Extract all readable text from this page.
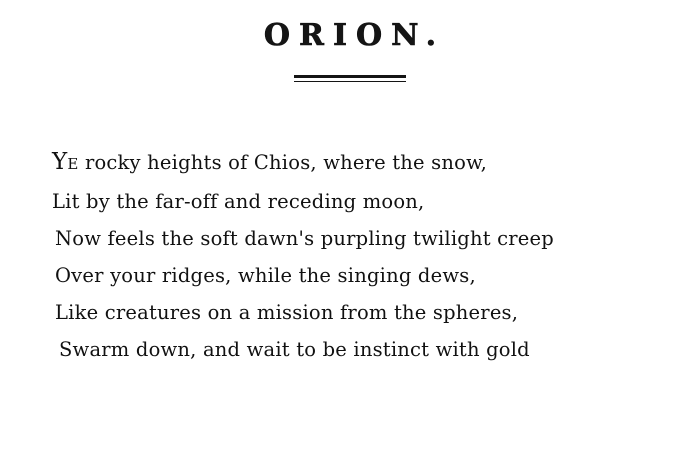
ORION.
YE rocky heights of Chios, where the snow,
Lit by the far-off and receding moon,
Now feels the soft dawn's purpling twilight creep
Over your ridges, while the singing dews,
Like creatures on a mission from the spheres,
Swarm down, and wait to be instinct with gold
